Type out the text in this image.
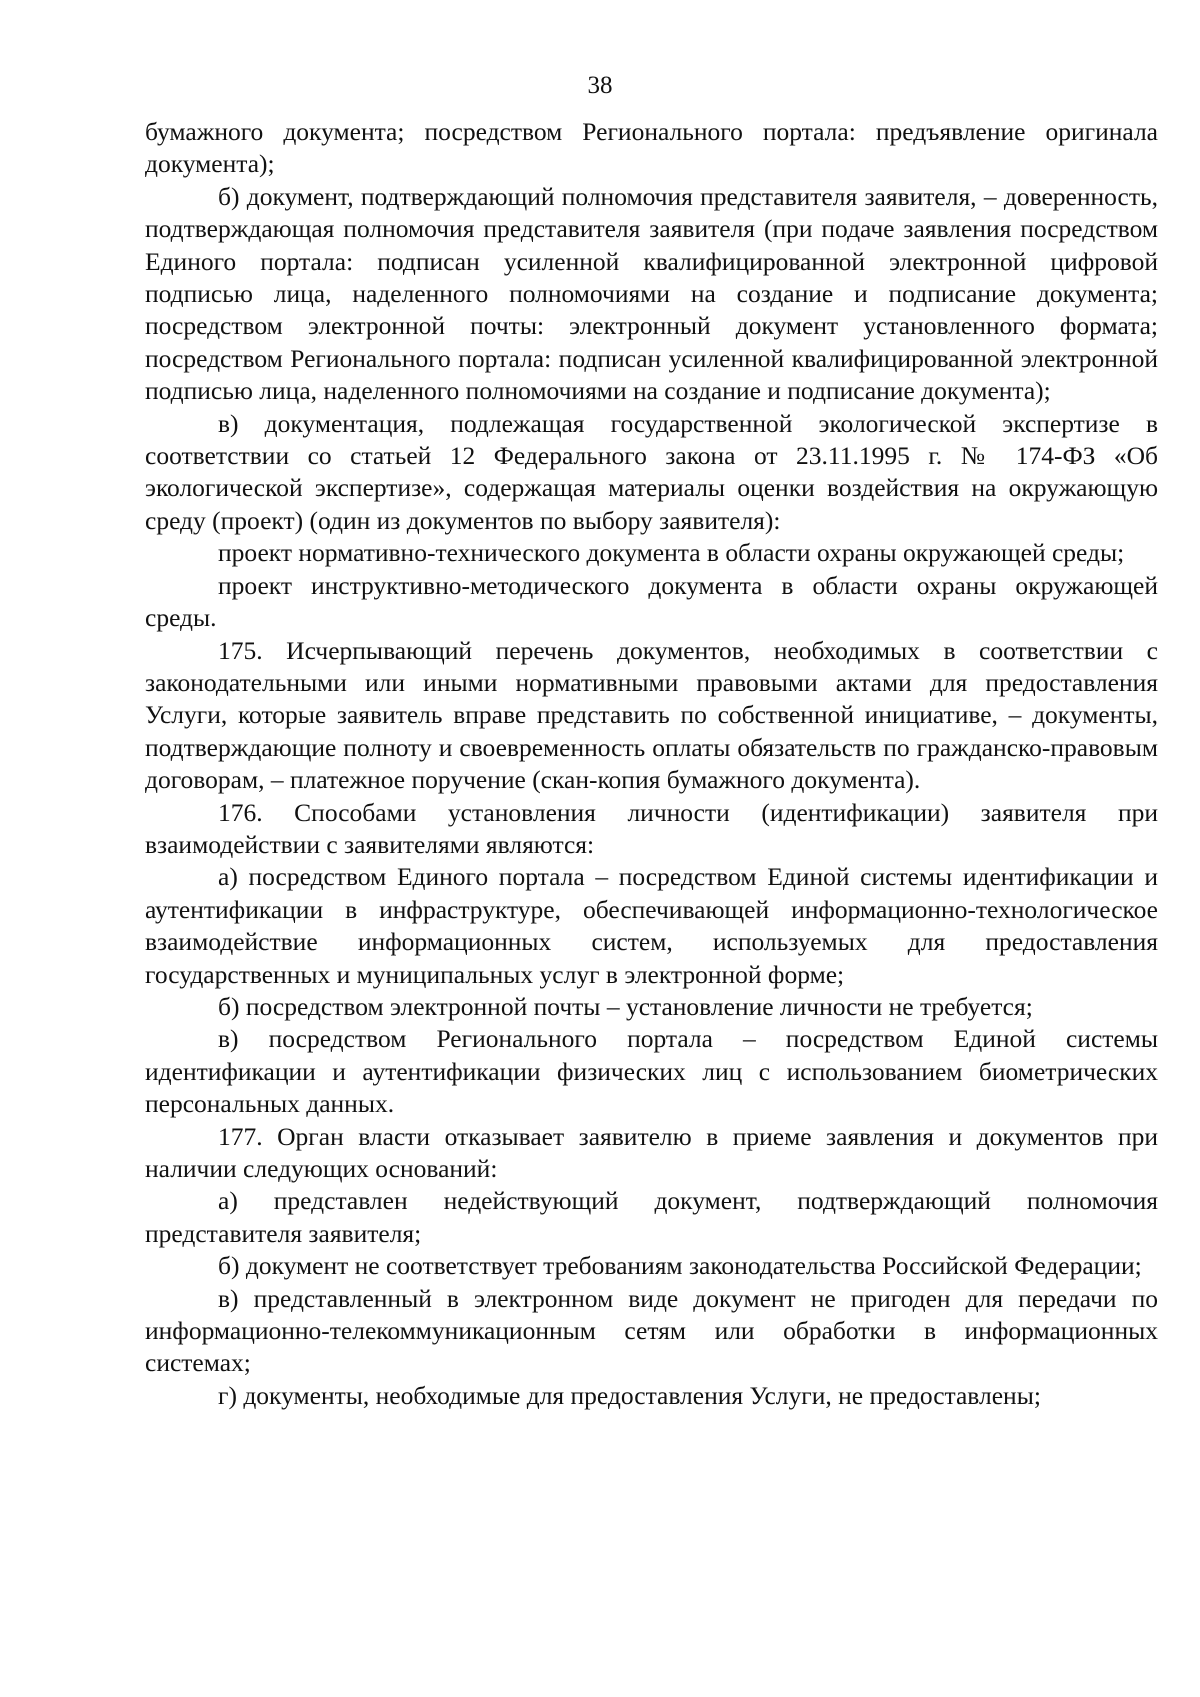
38

бумажного документа; посредством Регионального портала: предъявление оригинала документа);

б) документ, подтверждающий полномочия представителя заявителя, – доверенность, подтверждающая полномочия представителя заявителя (при подаче заявления посредством Единого портала: подписан усиленной квалифицированной электронной цифровой подписью лица, наделенного полномочиями на создание и подписание документа; посредством электронной почты: электронный документ установленного формата; посредством Регионального портала: подписан усиленной квалифицированной электронной подписью лица, наделенного полномочиями на создание и подписание документа);

в) документация, подлежащая государственной экологической экспертизе в соответствии со статьей 12 Федерального закона от 23.11.1995 г. № 174-ФЗ «Об экологической экспертизе», содержащая материалы оценки воздействия на окружающую среду (проект) (один из документов по выбору заявителя):

проект нормативно-технического документа в области охраны окружающей среды;

проект инструктивно-методического документа в области охраны окружающей среды.

175. Исчерпывающий перечень документов, необходимых в соответствии с законодательными или иными нормативными правовыми актами для предоставления Услуги, которые заявитель вправе представить по собственной инициативе, – документы, подтверждающие полноту и своевременность оплаты обязательств по гражданско-правовым договорам, – платежное поручение (скан-копия бумажного документа).

176. Способами установления личности (идентификации) заявителя при взаимодействии с заявителями являются:

а) посредством Единого портала – посредством Единой системы идентификации и аутентификации в инфраструктуре, обеспечивающей информационно-технологическое взаимодействие информационных систем, используемых для предоставления государственных и муниципальных услуг в электронной форме;

б) посредством электронной почты – установление личности не требуется;

в) посредством Регионального портала – посредством Единой системы идентификации и аутентификации физических лиц с использованием биометрических персональных данных.

177. Орган власти отказывает заявителю в приеме заявления и документов при наличии следующих оснований:

а) представлен недействующий документ, подтверждающий полномочия представителя заявителя;

б) документ не соответствует требованиям законодательства Российской Федерации;

в) представленный в электронном виде документ не пригоден для передачи по информационно-телекоммуникационным сетям или обработки в информационных системах;

г) документы, необходимые для предоставления Услуги, не предоставлены;
